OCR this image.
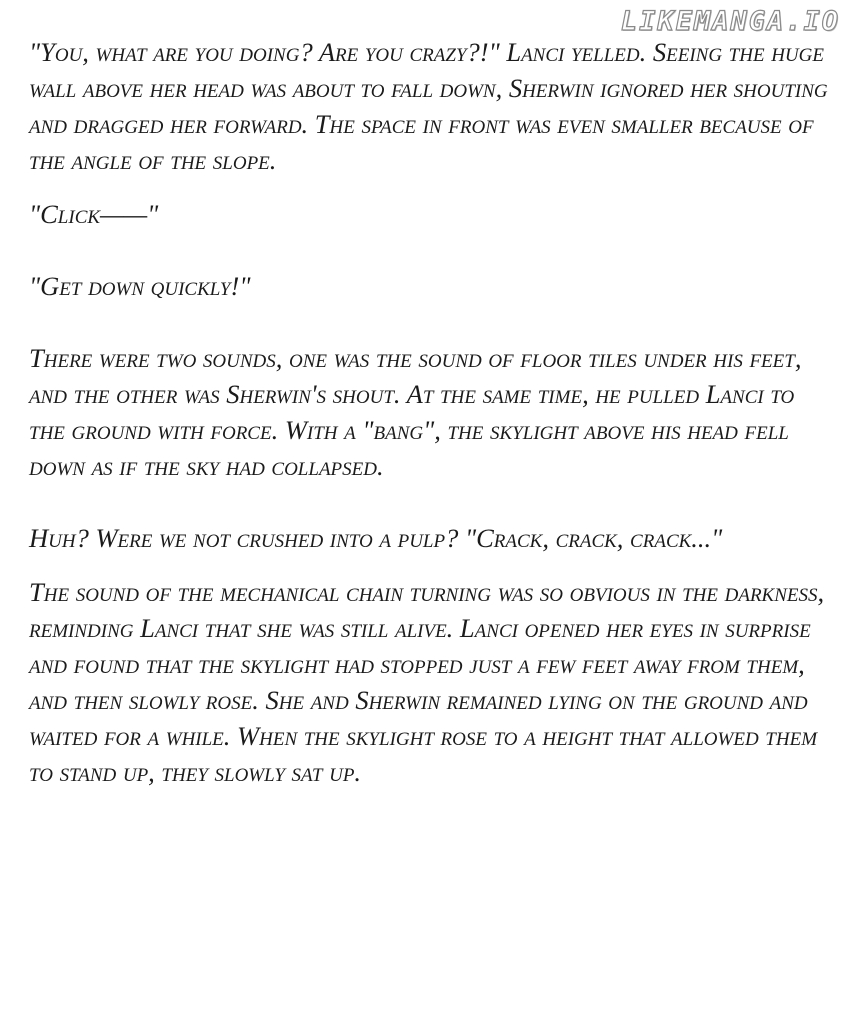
LIKEMANGA.IO

"You, what are you doing? Are you crazy?!" Lanci yelled. Seeing the huge wall above her head was about to fall down, Sherwin ignored her shouting and dragged her forward. The space in front was even smaller because of the angle of the slope.

"Click——"

"Get down quickly!"

There were two sounds, one was the sound of floor tiles under his feet, and the other was Sherwin's shout. At the same time, he pulled Lanci to the ground with force. With a "bang", the skylight above his head fell down as if the sky had collapsed.

Huh? Were we not crushed into a pulp? "Crack, crack, crack..."

The sound of the mechanical chain turning was so obvious in the darkness, reminding Lanci that she was still alive. Lanci opened her eyes in surprise and found that the skylight had stopped just a few feet away from them, and then slowly rose. She and Sherwin remained lying on the ground and waited for a while. When the skylight rose to a height that allowed them to stand up, they slowly sat up.
